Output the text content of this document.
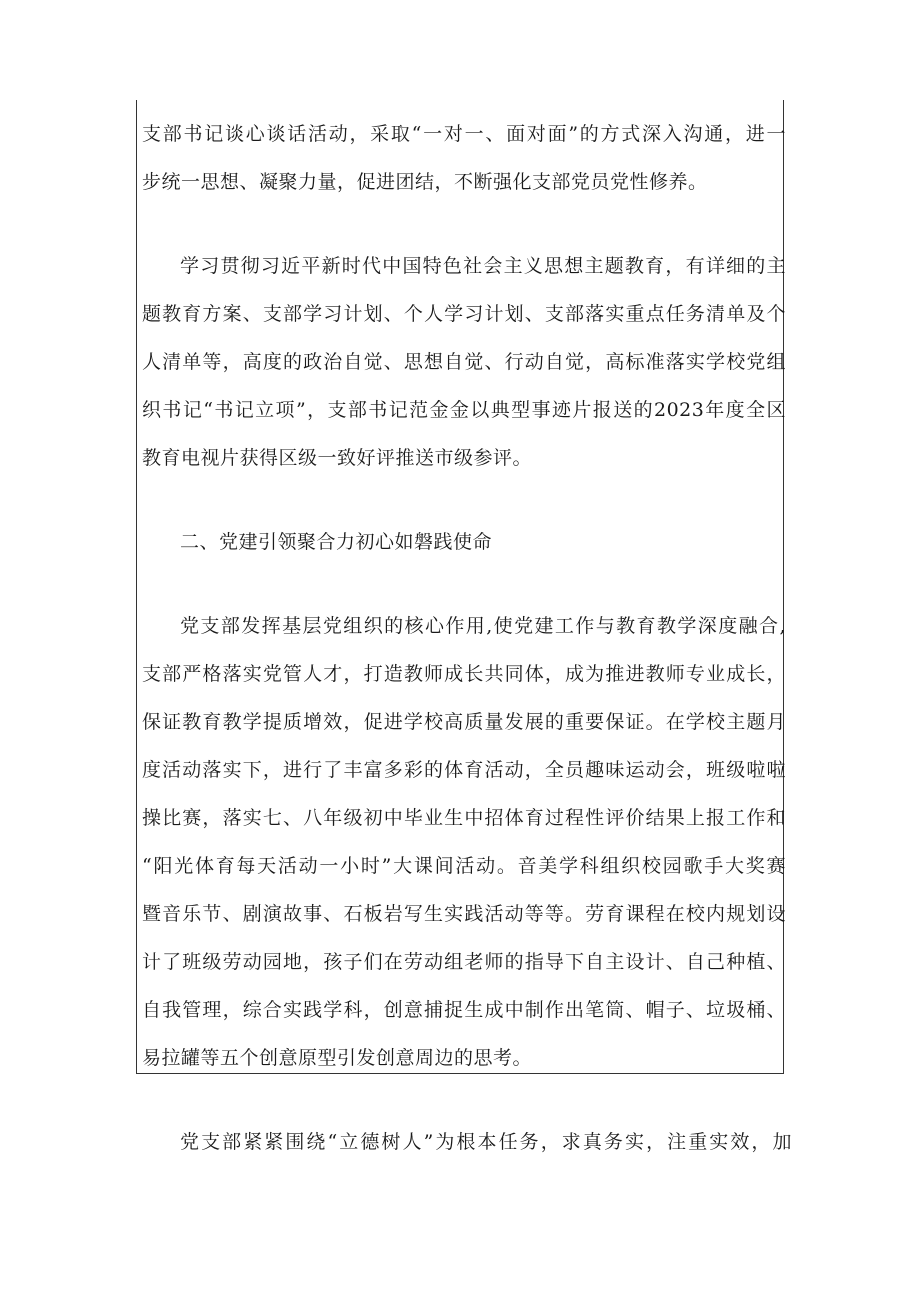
支部书记谈心谈话活动，采取“一对一、面对面”的方式深入沟通，进一
步统一思想、凝聚力量，促进团结，不断强化支部党员党性修养。
学习贯彻习近平新时代中国特色社会主义思想主题教育，有详细的主
题教育方案、支部学习计划、个人学习计划、支部落实重点任务清单及个
人清单等，高度的政治自觉、思想自觉、行动自觉，高标准落实学校党组
织书记“书记立项”，支部书记范金金以典型事迹片报送的2023年度全区
教育电视片获得区级一致好评推送市级参评。
二、党建引领聚合力初心如磐践使命
党支部发挥基层党组织的核心作用,使党建工作与教育教学深度融合,
支部严格落实党管人才，打造教师成长共同体，成为推进教师专业成长，
保证教育教学提质增效，促进学校高质量发展的重要保证。在学校主题月
度活动落实下，进行了丰富多彩的体育活动，全员趣味运动会，班级啦啦
操比赛，落实七、八年级初中毕业生中招体育过程性评价结果上报工作和
“阳光体育每天活动一小时”大课间活动。音美学科组织校园歌手大奖赛
暨音乐节、剧演故事、石板岩写生实践活动等等。劳育课程在校内规划设
计了班级劳动园地，孩子们在劳动组老师的指导下自主设计、自己种植、
自我管理，综合实践学科，创意捕捉生成中制作出笔筒、帽子、垃圾桶、
易拉罐等五个创意原型引发创意周边的思考。
党支部紧紧围绕“立德树人”为根本任务，求真务实，注重实效，加
